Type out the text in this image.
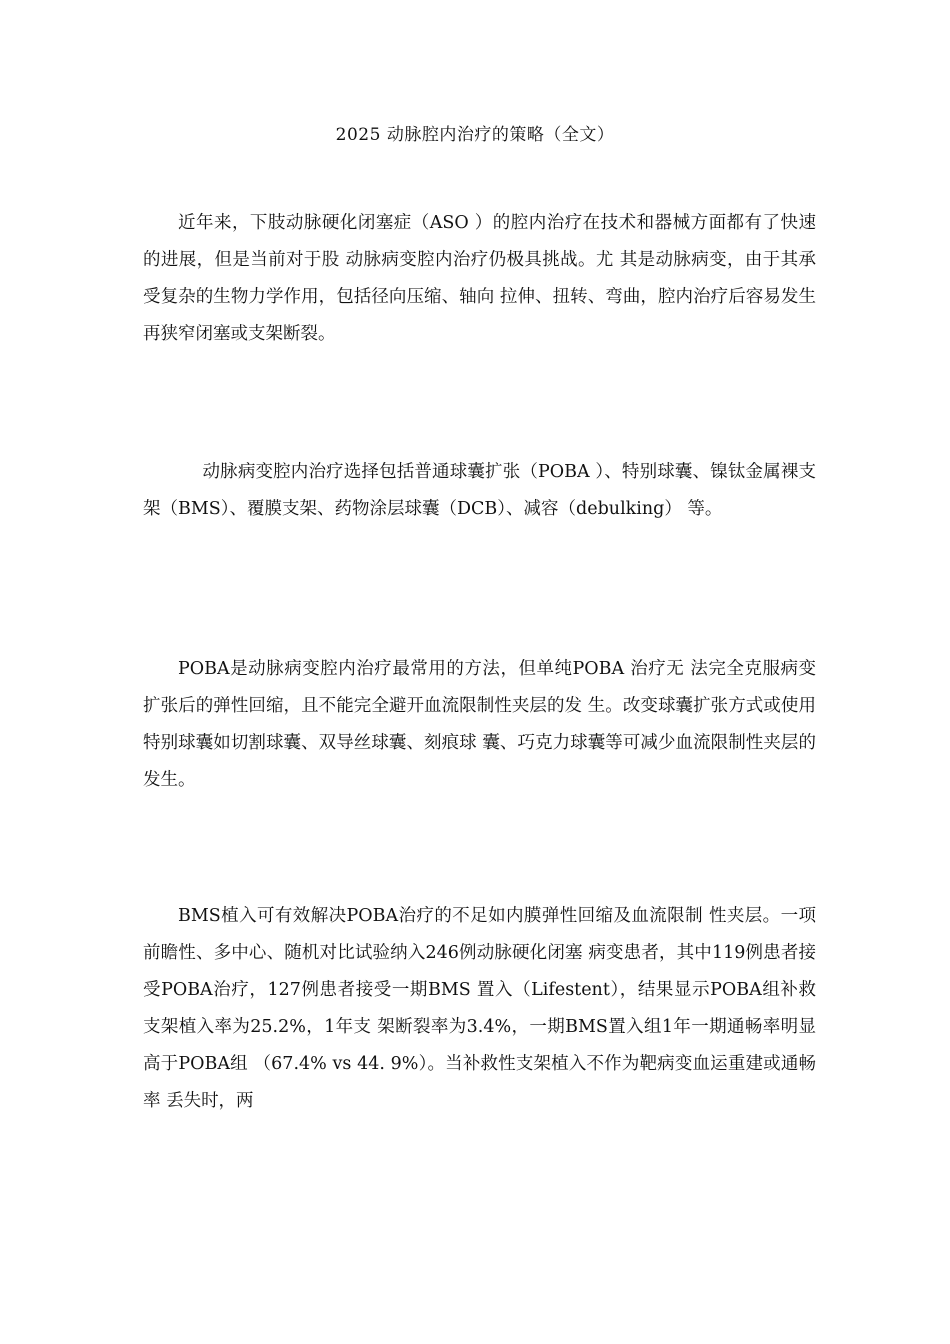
2025 动脉腔内治疗的策略（全文）

近年来，下肢动脉硬化闭塞症（ASO ）的腔内治疗在技术和器械方面都有了快速的进展，但是当前对于股 动脉病变腔内治疗仍极具挑战。尤 其是动脉病变，由于其承受复杂的生物力学作用，包括径向压缩、轴向 拉伸、扭转、弯曲，腔内治疗后容易发生再狭窄闭塞或支架断裂。

动脉病变腔内治疗选择包括普通球囊扩张（POBA ）、特别球囊、镍钛金属裸支架（BMS）、覆膜支架、药物涂层球囊（DCB）、减容（debulking） 等。

POBA是动脉病变腔内治疗最常用的方法，但单纯POBA 治疗无 法完全克服病变扩张后的弹性回缩，且不能完全避开血流限制性夹层的发 生。改变球囊扩张方式或使用特别球囊如切割球囊、双导丝球囊、刻痕球 囊、巧克力球囊等可减少血流限制性夹层的发生。

BMS植入可有效解决POBA治疗的不足如内膜弹性回缩及血流限制 性夹层。一项前瞻性、多中心、随机对比试验纳入246例动脉硬化闭塞 病变患者，其中119例患者接受POBA治疗，127例患者接受一期BMS 置入（Lifestent），结果显示POBA组补救支架植入率为25.2%，1年支 架断裂率为3.4%，一期BMS置入组1年一期通畅率明显高于POBA组 （67.4% vs 44. 9%）。当补救性支架植入不作为靶病变血运重建或通畅率 丢失时，两
